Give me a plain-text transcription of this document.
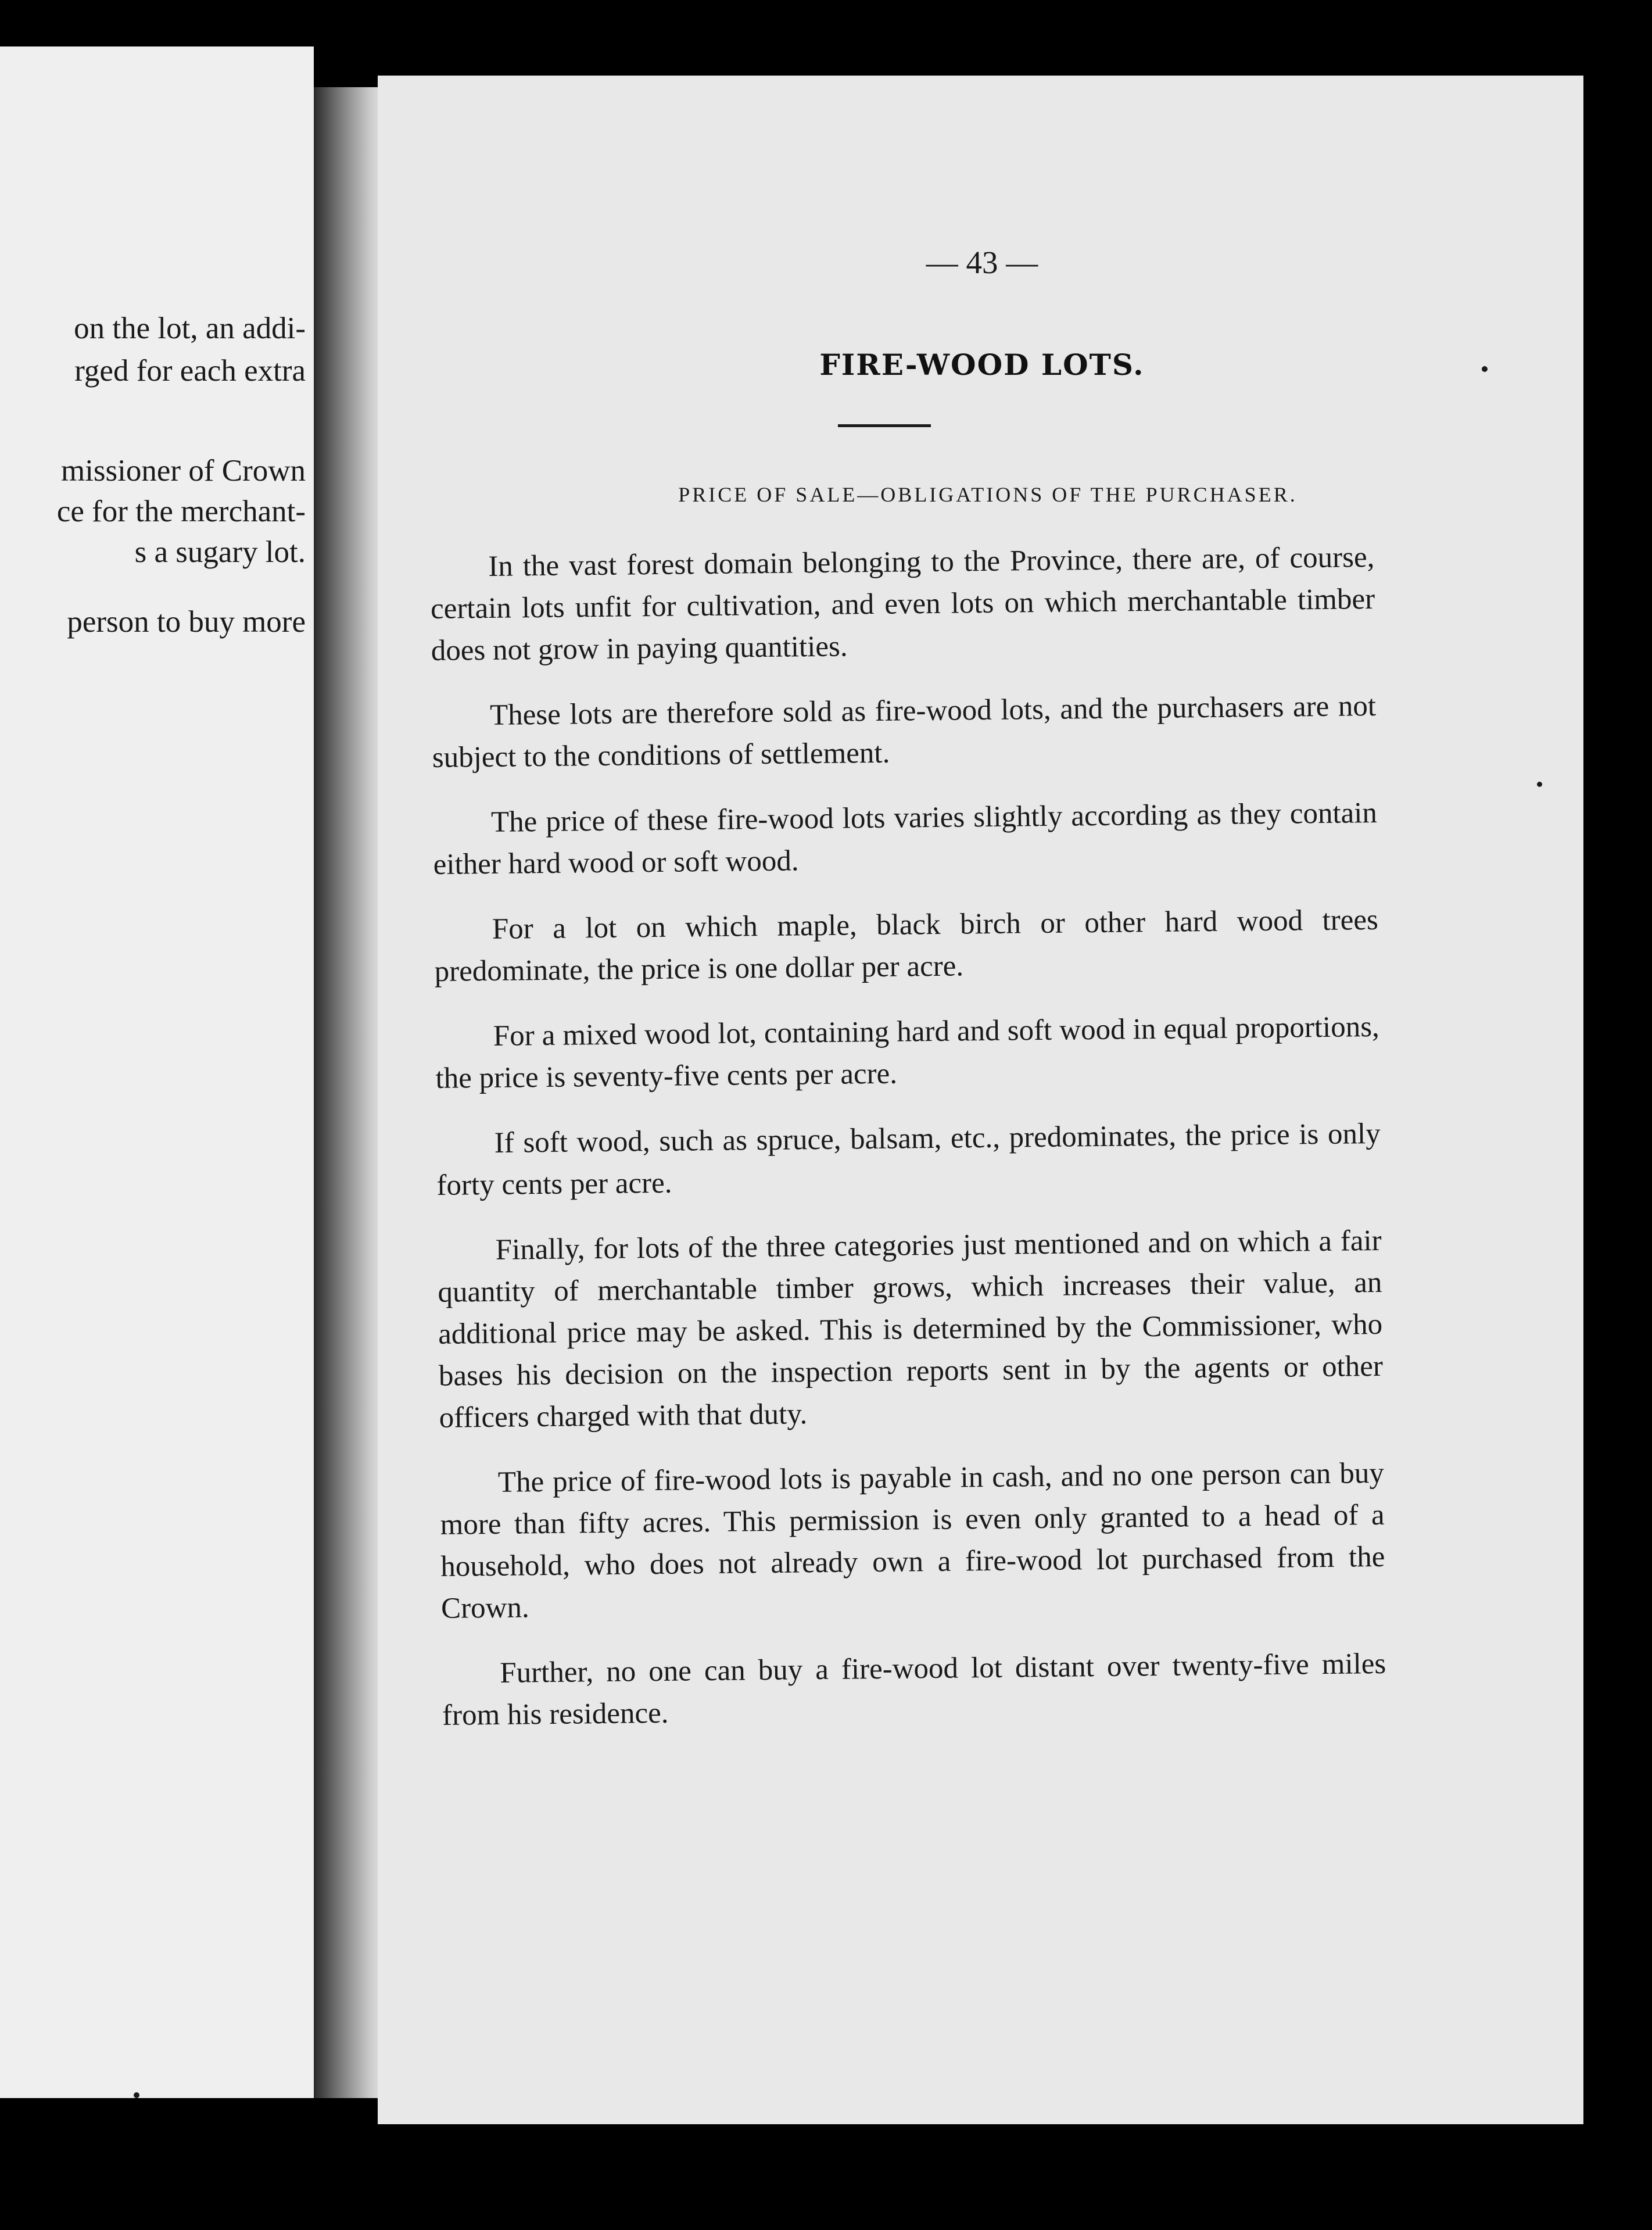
on the lot, an addi-
rged for each extra
missioner of Crown
ce for the merchant-
s a sugary lot.
person to buy more
— 43 —
FIRE-WOOD LOTS.
PRICE OF SALE—OBLIGATIONS OF THE PURCHASER.

In the vast forest domain belonging to the Province, there are, of course, certain lots unfit for cultivation, and even lots on which merchantable timber does not grow in paying quantities.

These lots are therefore sold as fire-wood lots, and the purchasers are not subject to the conditions of settlement.

The price of these fire-wood lots varies slightly according as they contain either hard wood or soft wood.

For a lot on which maple, black birch or other hard wood trees predominate, the price is one dollar per acre.

For a mixed wood lot, containing hard and soft wood in equal proportions, the price is seventy-five cents per acre.

If soft wood, such as spruce, balsam, etc., predominates, the price is only forty cents per acre.

Finally, for lots of the three categories just mentioned and on which a fair quantity of merchantable timber grows, which increases their value, an additional price may be asked. This is determined by the Commissioner, who bases his decision on the inspection reports sent in by the agents or other officers charged with that duty.

The price of fire-wood lots is payable in cash, and no one person can buy more than fifty acres. This permission is even only granted to a head of a household, who does not already own a fire-wood lot purchased from the Crown.

Further, no one can buy a fire-wood lot distant over twenty-five miles from his residence.
